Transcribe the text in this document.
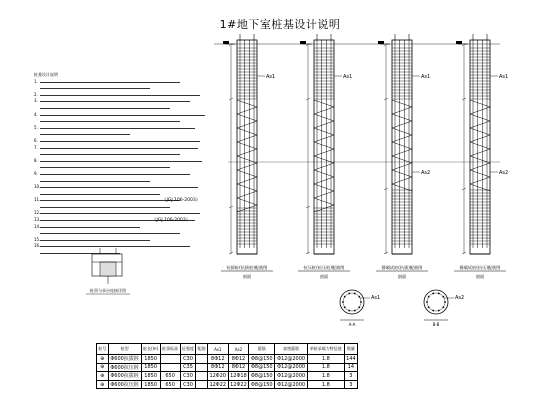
1#地下室桩基设计说明
桩基设计说明
1.
2.
3.
4.
5.
6.
7.
8.
9.
10.
11.	《JGJ 106-2003》
12.
13.	《JGJ 106-2003》
14.
15.
16.
As1
抗拔桩(抗拔桩)配筋图
剖面
As1
抗压桩(抗压桩)配筋图
剖面
As1
As2
静载试桩(抗拔)配筋图
剖面
As1
As2
静载试桩(抗压)配筋图
剖面
As1
A-A
As2
B-B
桩顶与承台连接详图
桩号	桩型	桩长(m)	桩顶标高	砼强度	配筋	As1	As2	箍筋	加密箍筋	单桩承载力特征值	数量
⊕	Φ600抗拔桩	1850		C30		8Φ12	8Φ12	Φ8@150	Φ12@2000	1.8	144
⊕	Φ600抗压桩	1850		C35		8Φ12	8Φ12	Φ8@150	Φ12@2000	1.8	14
⊕	Φ600抗拔桩	1850	650	C30		12Φ20	12Φ18	Φ8@150	Φ12@2000	1.8	3
⊕	Φ600抗压桩	1850	650	C30		12Φ22	12Φ22	Φ8@150	Φ12@2000	1.8	3
